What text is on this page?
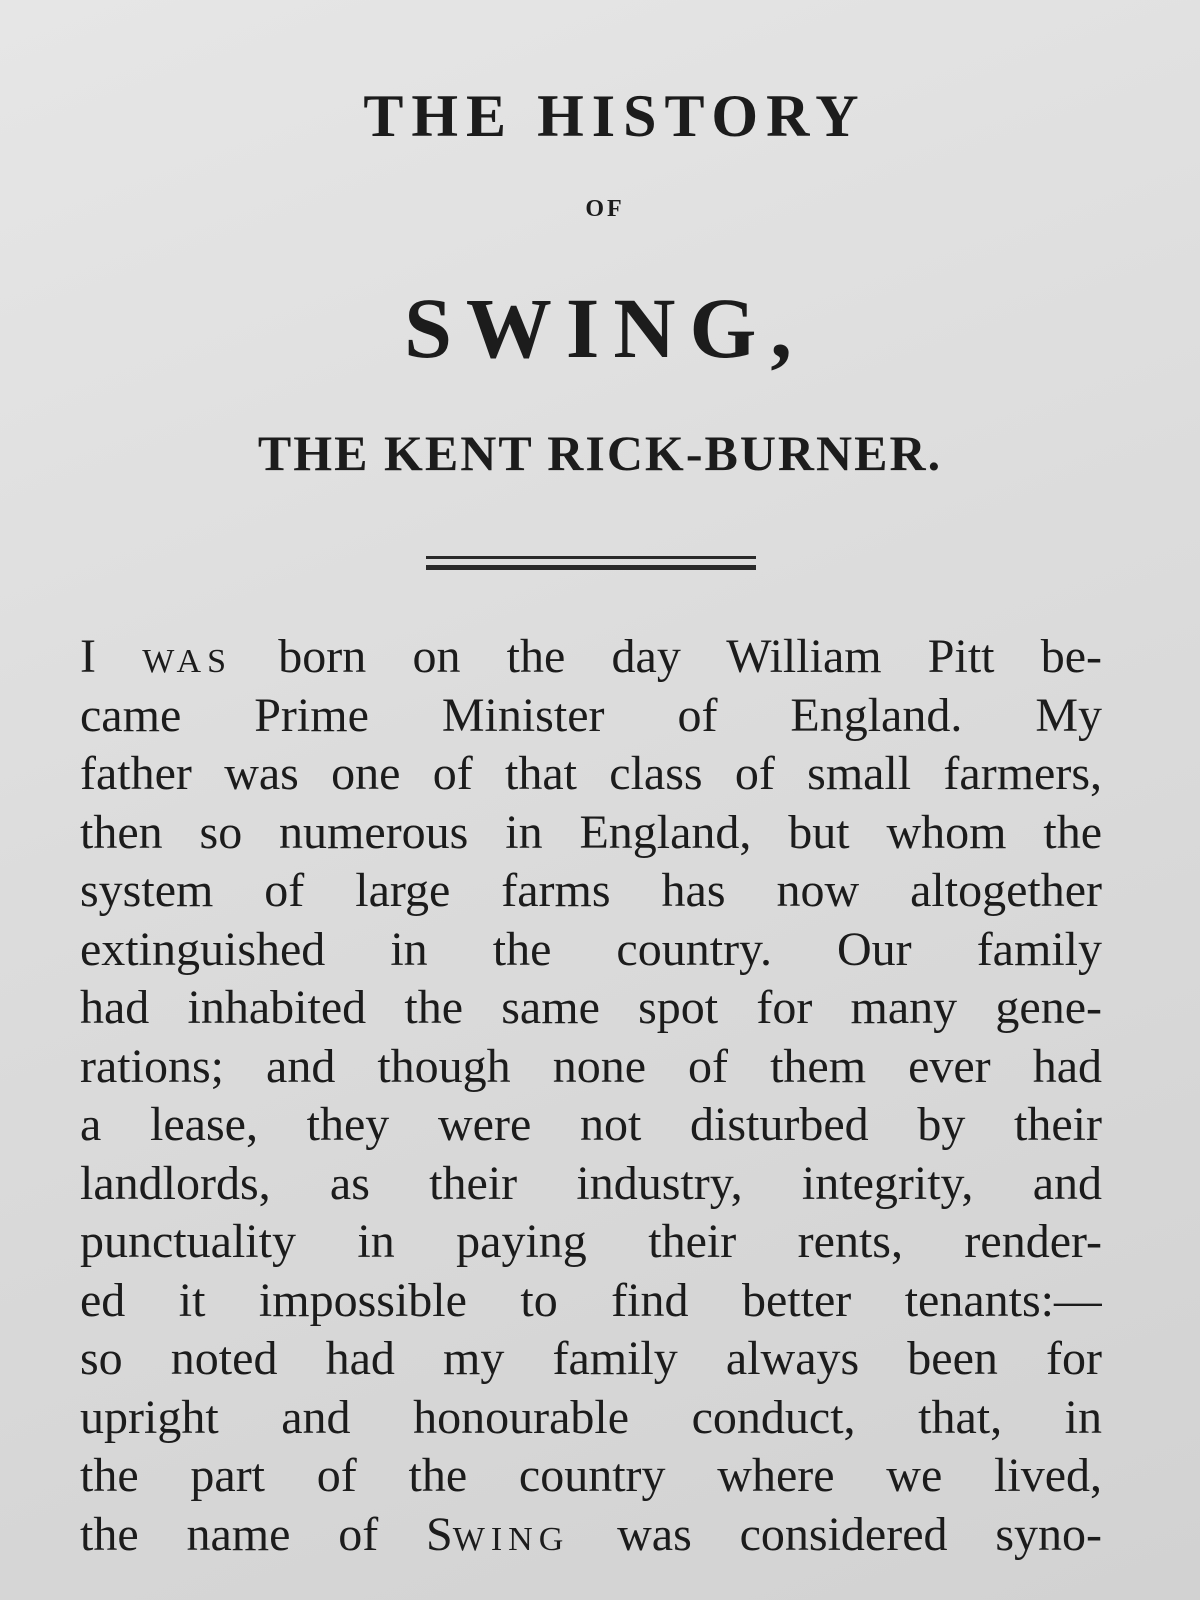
THE HISTORY
OF
SWING,
THE KENT RICK-BURNER.
I WAS born on the day William Pitt be-
came Prime Minister of England. My
father was one of that class of small farmers,
then so numerous in England, but whom the
system of large farms has now altogether
extinguished in the country. Our family
had inhabited the same spot for many gene-
rations; and though none of them ever had
a lease, they were not disturbed by their
landlords, as their industry, integrity, and
punctuality in paying their rents, render-
ed it impossible to find better tenants:—
so noted had my family always been for
upright and honourable conduct, that, in
the part of the country where we lived,
the name of SWING was considered syno-
